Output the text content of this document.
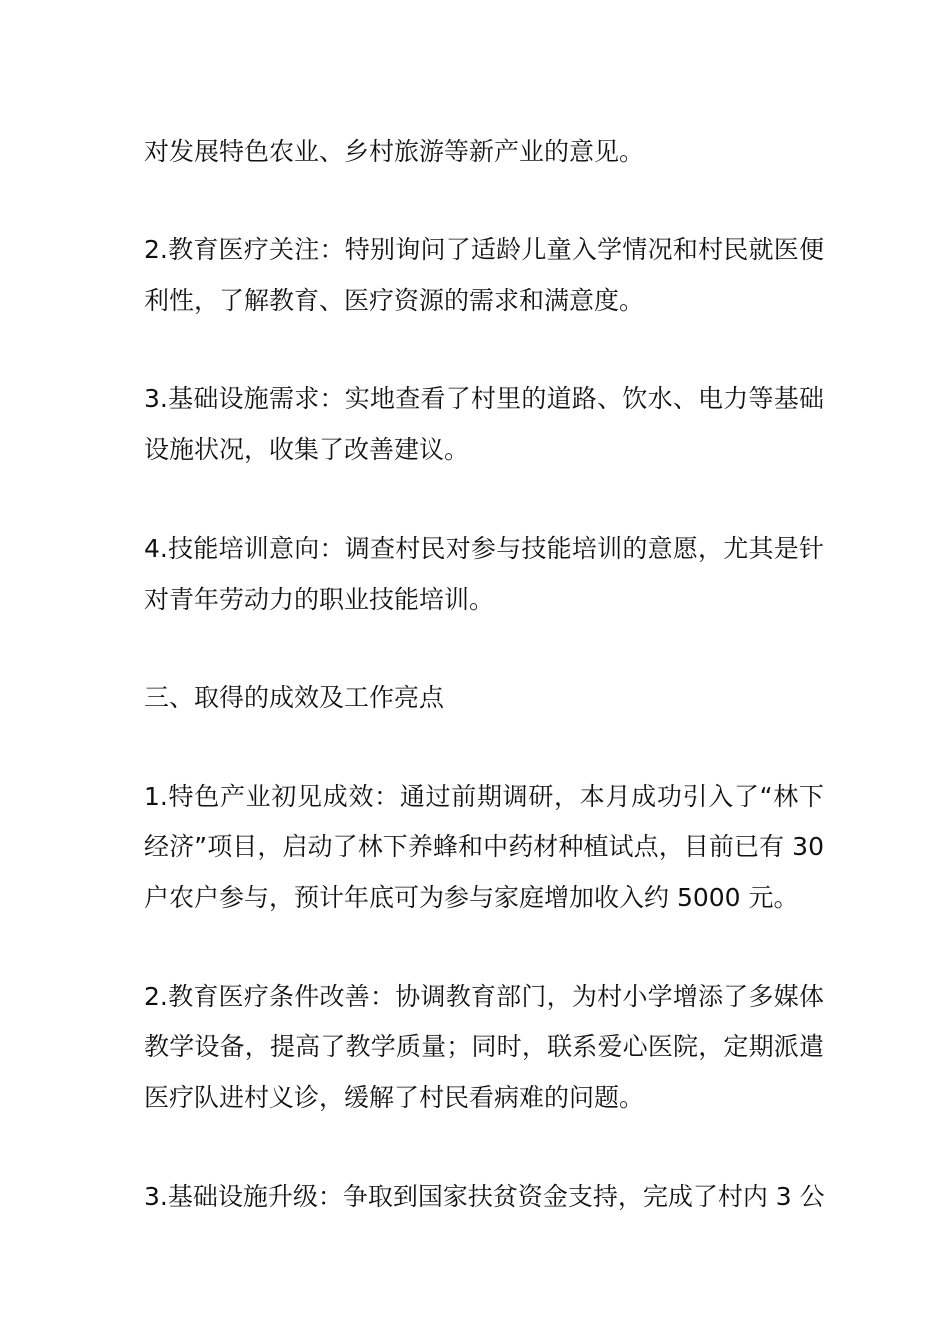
对发展特色农业、乡村旅游等新产业的意见。
2.教育医疗关注：特别询问了适龄儿童入学情况和村民就医便
利性，了解教育、医疗资源的需求和满意度。
3.基础设施需求：实地查看了村里的道路、饮水、电力等基础
设施状况，收集了改善建议。
4.技能培训意向：调查村民对参与技能培训的意愿，尤其是针
对青年劳动力的职业技能培训。
三、取得的成效及工作亮点
1.特色产业初见成效：通过前期调研，本月成功引入了“林下
经济”项目，启动了林下养蜂和中药材种植试点，目前已有 30
户农户参与，预计年底可为参与家庭增加收入约 5000 元。
2.教育医疗条件改善：协调教育部门，为村小学增添了多媒体
教学设备，提高了教学质量；同时，联系爱心医院，定期派遣
医疗队进村义诊，缓解了村民看病难的问题。
3.基础设施升级：争取到国家扶贫资金支持，完成了村内 3 公
